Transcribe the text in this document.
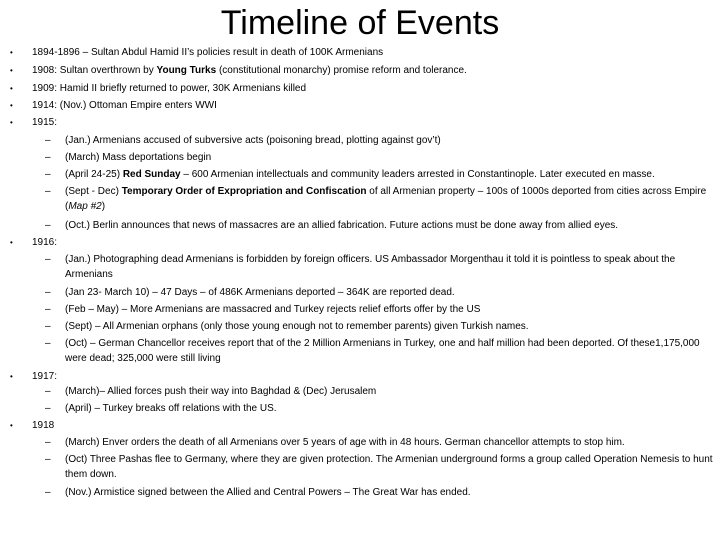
Timeline of Events
• 1894-1896 – Sultan Abdul Hamid II’s policies result in death of 100K Armenians
• 1908: Sultan overthrown by Young Turks (constitutional monarchy) promise reform and tolerance.
• 1909: Hamid II briefly returned to power, 30K Armenians killed
• 1914: (Nov.) Ottoman Empire enters WWI
• 1915:
– (Jan.) Armenians accused of subversive acts (poisoning bread, plotting against gov’t)
– (March) Mass deportations begin
– (April 24-25) Red Sunday – 600 Armenian intellectuals and community leaders arrested in Constantinople. Later executed en masse.
– (Sept - Dec) Temporary Order of Expropriation and Confiscation of all Armenian property – 100s of 1000s deported from cities across Empire (Map #2)
– (Oct.) Berlin announces that news of massacres are an allied fabrication. Future actions must be done away from allied eyes.
• 1916:
– (Jan.) Photographing dead Armenians is forbidden by foreign officers. US Ambassador Morgenthau it told it is pointless to speak about the Armenians
– (Jan 23- March 10) – 47 Days – of 486K Armenians deported – 364K are reported dead.
– (Feb – May) – More Armenians are massacred and Turkey rejects relief efforts offer by the US
– (Sept) – All Armenian orphans (only those young enough not to remember parents) given Turkish names.
– (Oct) – German Chancellor receives report that of the 2 Million Armenians in Turkey, one and half million had been deported. Of these1,175,000 were dead; 325,000 were still living
• 1917:
– (March)– Allied forces push their way into Baghdad & (Dec) Jerusalem
– (April) – Turkey breaks off relations with the US.
• 1918
– (March) Enver orders the death of all Armenians over 5 years of age with in 48 hours. German chancellor attempts to stop him.
– (Oct) Three Pashas flee to Germany, where they are given protection. The Armenian underground forms a group called Operation Nemesis to hunt them down.
– (Nov.) Armistice signed between the Allied and Central Powers – The Great War has ended.
